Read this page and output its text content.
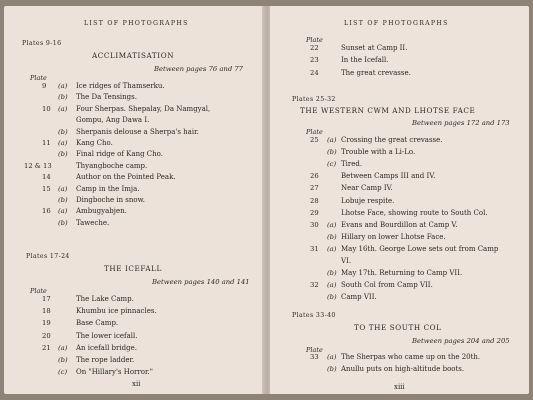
LIST OF PHOTOGRAPHS
Plates 9-16
ACCLIMATISATION
Between pages 76 and 77
Plate
9 (a) Ice ridges of Thamserku.
(b) The Da Tensings.
10 (a) Four Sherpas. Shepalay, Da Namgyal,
Gompu, Ang Dawa I.
(b) Sherpanis delouse a Sherpa's hair.
11 (a) Kang Cho.
(b) Final ridge of Kang Cho.
12 & 13	Thyangboche camp.
14	Author on the Pointed Peak.
15 (a) Camp in the Imja.
(b) Dingboche in snow.
16 (a) Ambugyabjen.
(b) Taweche.
Plates 17-24
THE ICEFALL
Between pages 140 and 141
Plate
17	The Lake Camp.
18	Khumbu ice pinnacles.
19	Base Camp.
20	The lower icefall.
21 (a) An icefall bridge.
(b) The rope ladder.
(c) On "Hillary's Horror."
xii
LIST OF PHOTOGRAPHS
Plate
22	Sunset at Camp II.
23	In the Icefall.
24	The great crevasse.
Plates 25-32
THE WESTERN CWM AND LHOTSE FACE
Between pages 172 and 173
Plate
25 (a) Crossing the great crevasse.
(b) Trouble with a Li-Lo.
(c) Tired.
26	Between Camps III and IV.
27	Near Camp IV.
28	Lobuje respite.
29	Lhotse Face, showing route to South Col.
30 (a) Evans and Bourdillon at Camp V.
(b) Hillary on lower Lhotse Face.
31 (a) May 16th. George Lowe sets out from Camp
VI.
(b) May 17th. Returning to Camp VII.
32 (a) South Col from Camp VII.
(b) Camp VII.
Plates 33-40
TO THE SOUTH COL
Between pages 204 and 205
Plate
33 (a) The Sherpas who came up on the 20th.
(b) Anullu puts on high-altitude boots.
xiii
